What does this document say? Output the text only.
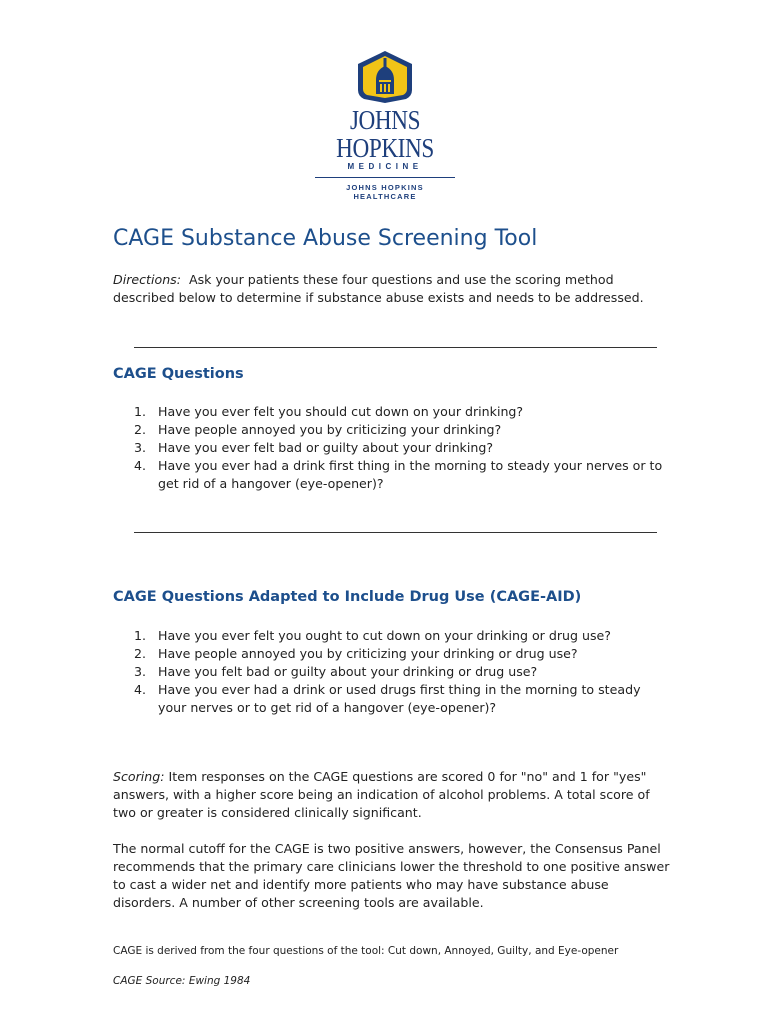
JOHNS HOPKINS
MEDICINE
JOHNS HOPKINS
HEALTHCARE
CAGE Substance Abuse Screening Tool
Directions: Ask your patients these four questions and use the scoring method described below to determine if substance abuse exists and needs to be addressed.
CAGE Questions
1. Have you ever felt you should cut down on your drinking?
2. Have people annoyed you by criticizing your drinking?
3. Have you ever felt bad or guilty about your drinking?
4. Have you ever had a drink first thing in the morning to steady your nerves or to get rid of a hangover (eye-opener)?
CAGE Questions Adapted to Include Drug Use (CAGE-AID)
1. Have you ever felt you ought to cut down on your drinking or drug use?
2. Have people annoyed you by criticizing your drinking or drug use?
3. Have you felt bad or guilty about your drinking or drug use?
4. Have you ever had a drink or used drugs first thing in the morning to steady your nerves or to get rid of a hangover (eye-opener)?
Scoring: Item responses on the CAGE questions are scored 0 for "no" and 1 for "yes" answers, with a higher score being an indication of alcohol problems. A total score of two or greater is considered clinically significant.
The normal cutoff for the CAGE is two positive answers, however, the Consensus Panel recommends that the primary care clinicians lower the threshold to one positive answer to cast a wider net and identify more patients who may have substance abuse disorders. A number of other screening tools are available.
CAGE is derived from the four questions of the tool: Cut down, Annoyed, Guilty, and Eye-opener
CAGE Source: Ewing 1984
